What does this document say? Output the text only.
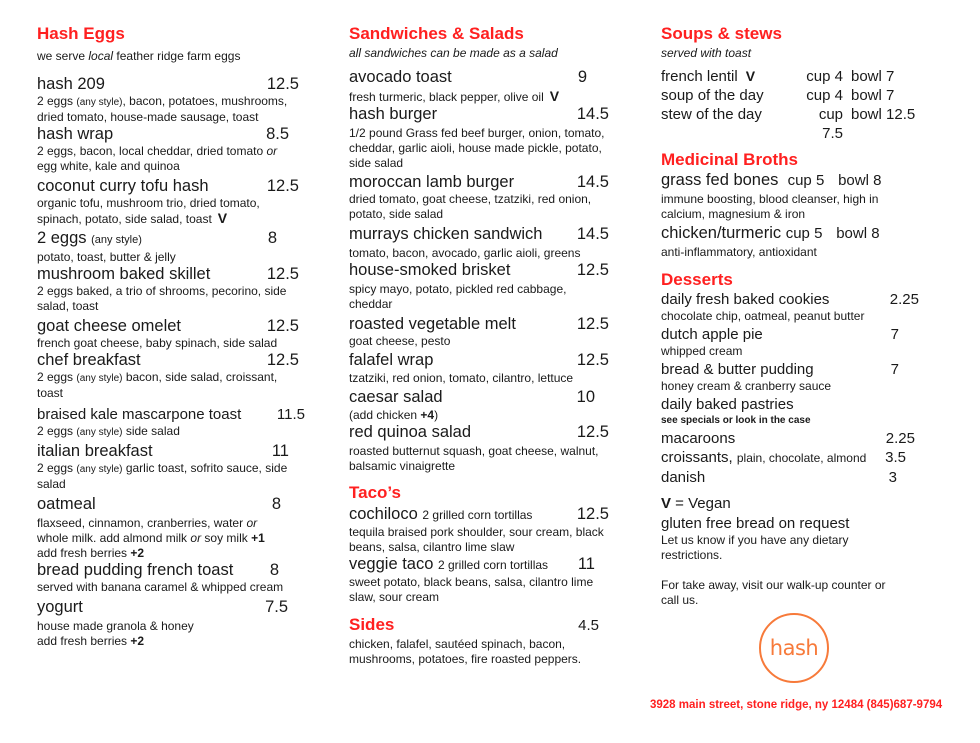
Hash Eggs
we serve local feather ridge farm eggs
hash 209	12.5
2 eggs (any style), bacon, potatoes, mushrooms, dried tomato, house-made sausage, toast
hash wrap	8.5
2 eggs, bacon, local cheddar, dried tomato or egg white, kale and quinoa
coconut curry tofu hash	12.5
organic tofu, mushroom trio, dried tomato, spinach, potato, side salad, toast V
2 eggs (any style)	8
potato, toast, butter & jelly
mushroom baked skillet	12.5
2 eggs baked, a trio of shrooms, pecorino, side salad, toast
goat cheese omelet	12.5
french goat cheese, baby spinach, side salad
chef breakfast	12.5
2 eggs (any style) bacon, side salad, croissant, toast
braised kale mascarpone toast 11.5
2 eggs (any style) side salad
italian breakfast	11
2 eggs (any style) garlic toast, sofrito sauce, side salad
oatmeal	8
flaxseed, cinnamon, cranberries, water or
whole milk. add almond milk or soy milk +1
add fresh berries +2
bread pudding french toast 8
served with banana caramel & whipped cream
yogurt	7.5
house made granola & honey
add fresh berries +2
Sandwiches & Salads
all sandwiches can be made as a salad
avocado toast	9
fresh turmeric, black pepper, olive oil V
hash burger	14.5
1/2 pound Grass fed beef burger, onion, tomato, cheddar, garlic aioli, house made pickle, potato, side salad
moroccan lamb burger	14.5
dried tomato, goat cheese, tzatziki, red onion, potato, side salad
murrays chicken sandwich 14.5
tomato, bacon, avocado, garlic aioli, greens
house-smoked brisket	12.5
spicy mayo, potato, pickled red cabbage, cheddar
roasted vegetable melt	12.5
goat cheese, pesto
falafel wrap	12.5
tzatziki, red onion, tomato, cilantro, lettuce
caesar salad	10
(add chicken +4)
red quinoa salad	12.5
roasted butternut squash, goat cheese, walnut, balsamic vinaigrette
Taco’s
cochiloco 2 grilled corn tortillas	12.5
tequila braised pork shoulder, sour cream, black beans, salsa, cilantro lime slaw
veggie taco 2 grilled corn tortillas 11
sweet potato, black beans, salsa, cilantro lime slaw, sour cream
Sides	4.5
chicken, falafel, sautéed spinach, bacon, mushrooms, potatoes, fire roasted peppers.
Soups & stews
served with toast
french lentil V	cup 4 bowl 7
soup of the day	cup 4 bowl 7
stew of the day	cup 7.5
bowl 12.5
Medicinal Broths
grass fed bones cup 5 bowl 8
immune boosting, blood cleanser, high in calcium, magnesium & iron
chicken/turmeric cup 5 bowl 8
anti-inflammatory, antioxidant
Desserts
daily fresh baked cookies	2.25
chocolate chip, oatmeal, peanut butter
dutch apple pie	7
whipped cream
bread & butter pudding	7
honey cream & cranberry sauce
daily baked pastries
see specials or look in the case
macaroons	2.25
croissants, plain, chocolate, almond 3.5
danish	3
V = Vegan
gluten free bread on request
Let us know if you have any dietary restrictions.
For take away, visit our walk-up counter or call us.
hash
3928 main street, stone ridge, ny 12484 (845)687-9794
